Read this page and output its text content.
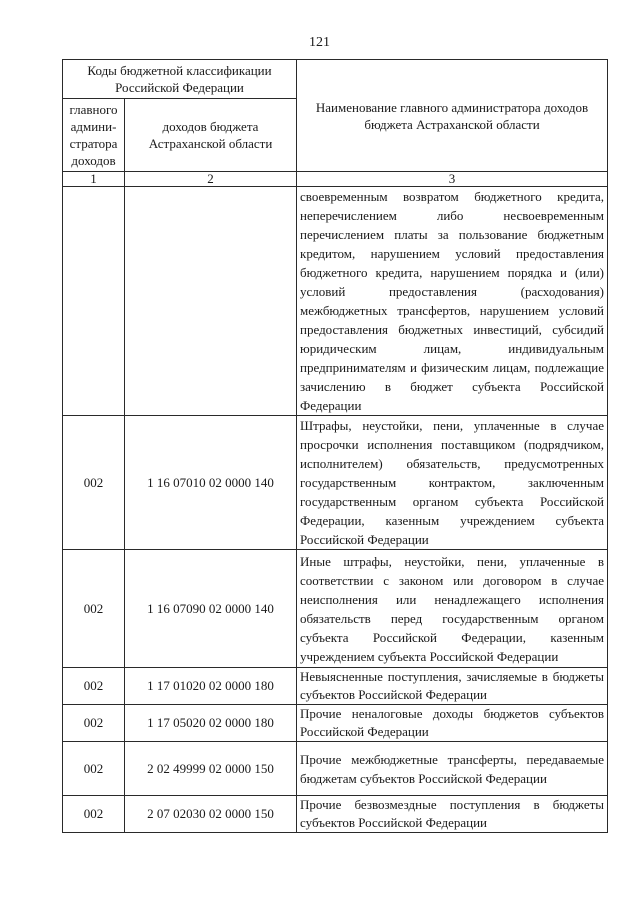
121
Коды бюджетной классификации Российской Федерации		Наименование главного администратора доходов бюджета Астраханской области
главного админи-стратора доходов	доходов бюджета Астраханской области	
1	2	3
		своевременным возвратом бюджетного кредита, неперечислением либо несвоевременным перечислением платы за пользование бюджетным кредитом, нарушением условий предоставления бюджетного кредита, нарушением порядка и (или) условий предоставления (расходования) межбюджетных трансфертов, нарушением условий предоставления бюджетных инвестиций, субсидий юридическим лицам, индивидуальным предпринимателям и физическим лицам, подлежащие зачислению в бюджет субъекта Российской Федерации
002	1 16 07010 02 0000 140	Штрафы, неустойки, пени, уплаченные в случае просрочки исполнения поставщиком (подрядчиком, исполнителем) обязательств, предусмотренных государственным контрактом, заключенным государственным органом субъекта Российской Федерации, казенным учреждением субъекта Российской Федерации
002	1 16 07090 02 0000 140	Иные штрафы, неустойки, пени, уплаченные в соответствии с законом или договором в случае неисполнения или ненадлежащего исполнения обязательств перед государственным органом субъекта Российской Федерации, казенным учреждением субъекта Российской Федерации
002	1 17 01020 02 0000 180	Невыясненные поступления, зачисляемые в бюджеты субъектов Российской Федерации
002	1 17 05020 02 0000 180	Прочие неналоговые доходы бюджетов субъектов Российской Федерации
002	2 02 49999 02 0000 150	Прочие межбюджетные трансферты, передаваемые бюджетам субъектов Российской Федерации
002	2 07 02030 02 0000 150	Прочие безвозмездные поступления в бюджеты субъектов Российской Федерации
